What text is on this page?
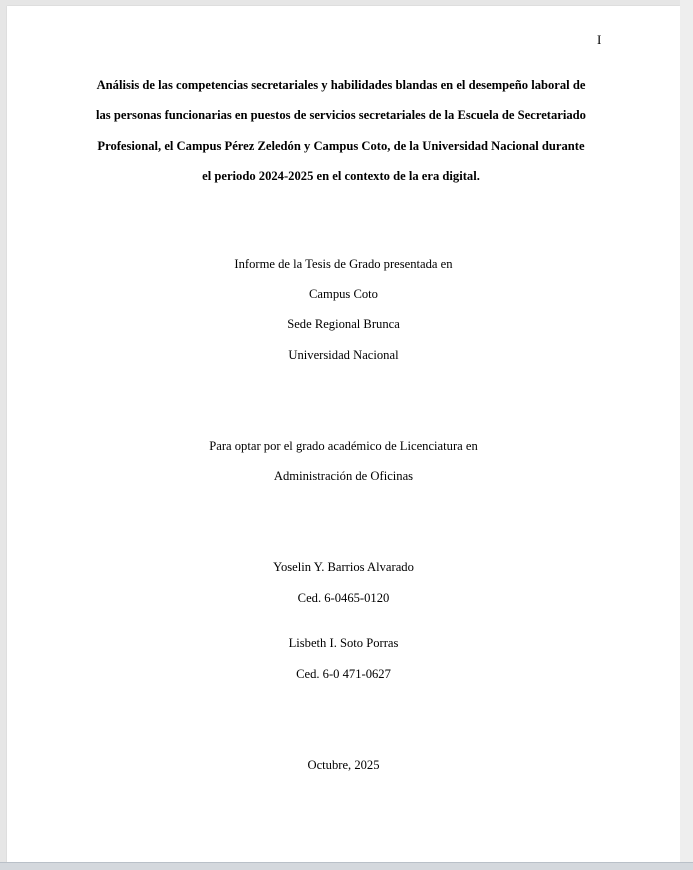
I
Análisis de las competencias secretariales y habilidades blandas en el desempeño laboral de
las personas funcionarias en puestos de servicios secretariales de la Escuela de Secretariado
Profesional, el Campus Pérez Zeledón y Campus Coto, de la Universidad Nacional durante
el periodo 2024-2025 en el contexto de la era digital.
Informe de la Tesis de Grado presentada en
Campus Coto
Sede Regional Brunca
Universidad Nacional
Para optar por el grado académico de Licenciatura en
Administración de Oficinas
Yoselin Y. Barrios Alvarado
Ced. 6-0465-0120
Lisbeth I. Soto Porras
Ced. 6-0 471-0627
Octubre, 2025
